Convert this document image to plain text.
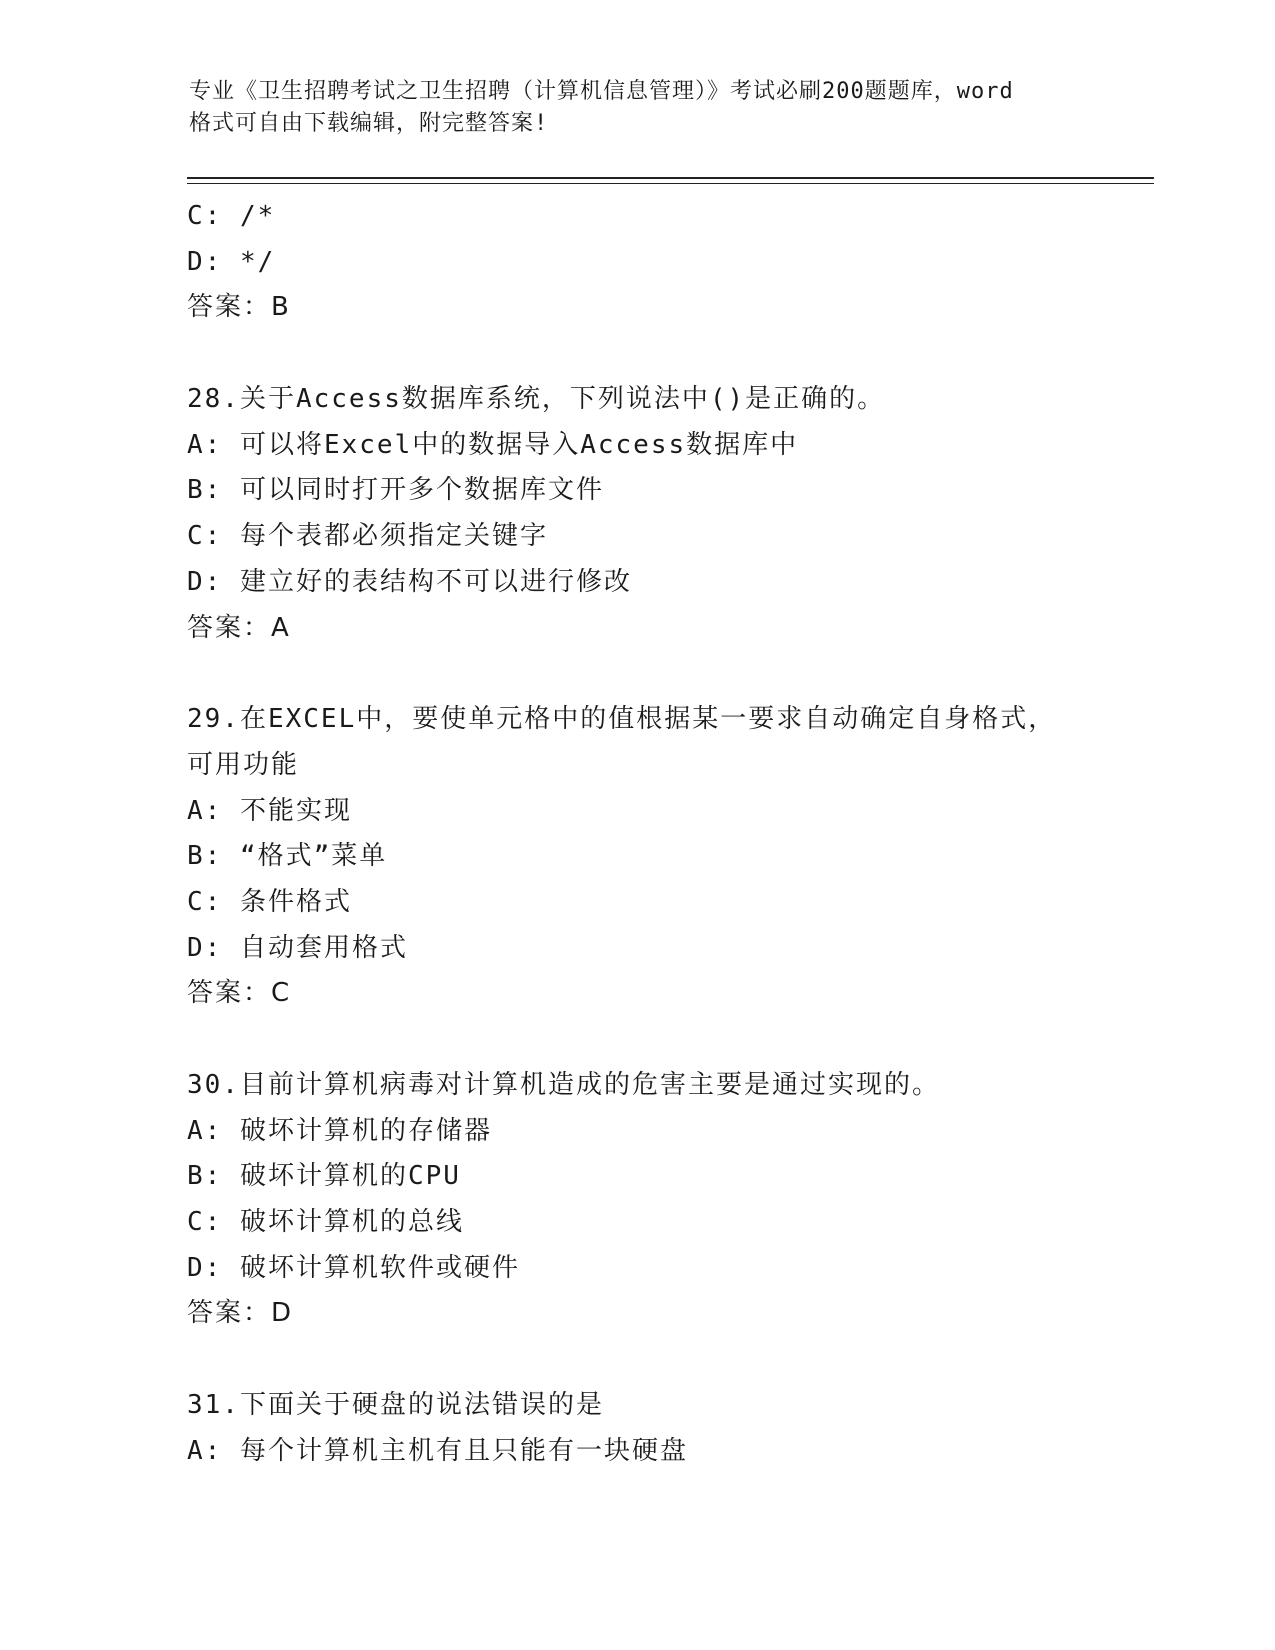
专业《卫生招聘考试之卫生招聘（计算机信息管理）》考试必刷200题题库，word
格式可自由下载编辑，附完整答案!
C: /*
D: */
答案：B
28.关于Access数据库系统，下列说法中()是正确的。
A: 可以将Excel中的数据导入Access数据库中
B: 可以同时打开多个数据库文件
C: 每个表都必须指定关键字
D: 建立好的表结构不可以进行修改
答案：A
29.在EXCEL中，要使单元格中的值根据某一要求自动确定自身格式，
可用功能
A: 不能实现
B: “格式”菜单
C: 条件格式
D: 自动套用格式
答案：C
30.目前计算机病毒对计算机造成的危害主要是通过实现的。
A: 破坏计算机的存储器
B: 破坏计算机的CPU
C: 破坏计算机的总线
D: 破坏计算机软件或硬件
答案：D
31.下面关于硬盘的说法错误的是
A: 每个计算机主机有且只能有一块硬盘
